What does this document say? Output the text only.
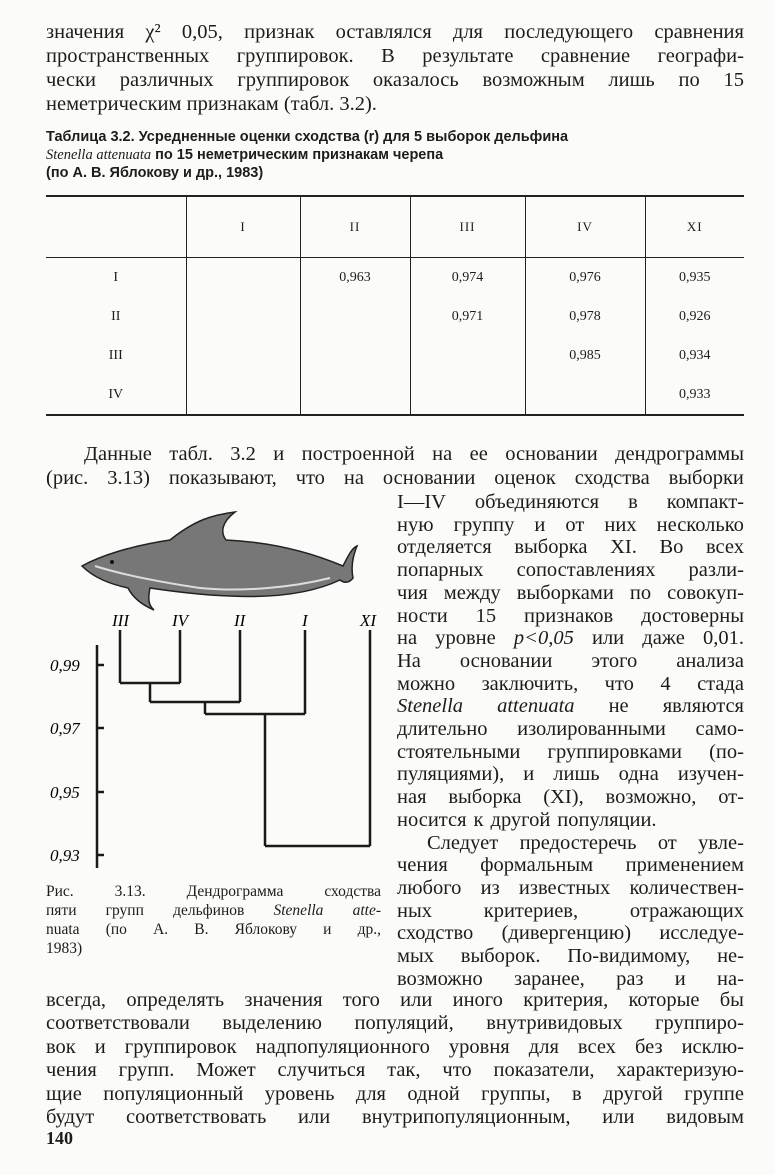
значения χ² 0,05, признак оставлялся для последующего сравнения
пространственных группировок. В результате сравнение географи-
чески различных группировок оказалось возможным лишь по 15
неметрическим признакам (табл. 3.2).
Таблица 3.2. Усредненные оценки сходства (r) для 5 выборок дельфина
Stenella attenuata по 15 неметрическим признакам черепа
(по А. В. Яблокову и др., 1983)
	I	II	III	IV	XI
I		0,963	0,974	0,976	0,935
II			0,971	0,978	0,926
III				0,985	0,934
IV					0,933
Данные табл. 3.2 и построенной на ее основании дендрограммы
(рис. 3.13) показывают, что на основании оценок сходства выборки
I—IV объединяются в компакт-
ную группу и от них несколько
отделяется выборка XI. Во всех
попарных сопоставлениях разли-
чия между выборками по совокуп-
ности 15 признаков достоверны
на уровне p<0,05 или даже 0,01.
На основании этого анализа
можно заключить, что 4 стада
Stenella attenuata не являются
длительно изолированными само-
стоятельными группировками (по-
пуляциями), и лишь одна изучен-
ная выборка (XI), возможно, от-
носится к другой популяции.
Следует предостеречь от увле-
чения формальным применением
любого из известных количествен-
ных	критериев,	отражающих
сходство (дивергенцию) исследуе-
мых выборок. По-видимому, не-
возможно заранее, раз и на-
III	IV	II	I	XI
0,99
0,97
0,95
0,93
Рис.	3.13.	Дендрограмма	сходства
пяти групп дельфинов Stenella atte-
nuata (по А. В. Яблокову и др.,
1983)
всегда, определять значения того или иного критерия, которые бы
соответствовали выделению популяций, внутривидовых группиро-
вок и группировок надпопуляционного уровня для всех без исклю-
чения групп. Может случиться так, что показатели, характеризую-
щие популяционный уровень для одной группы, в другой группе
будут соответствовать или внутрипопуляционным, или видовым
140
